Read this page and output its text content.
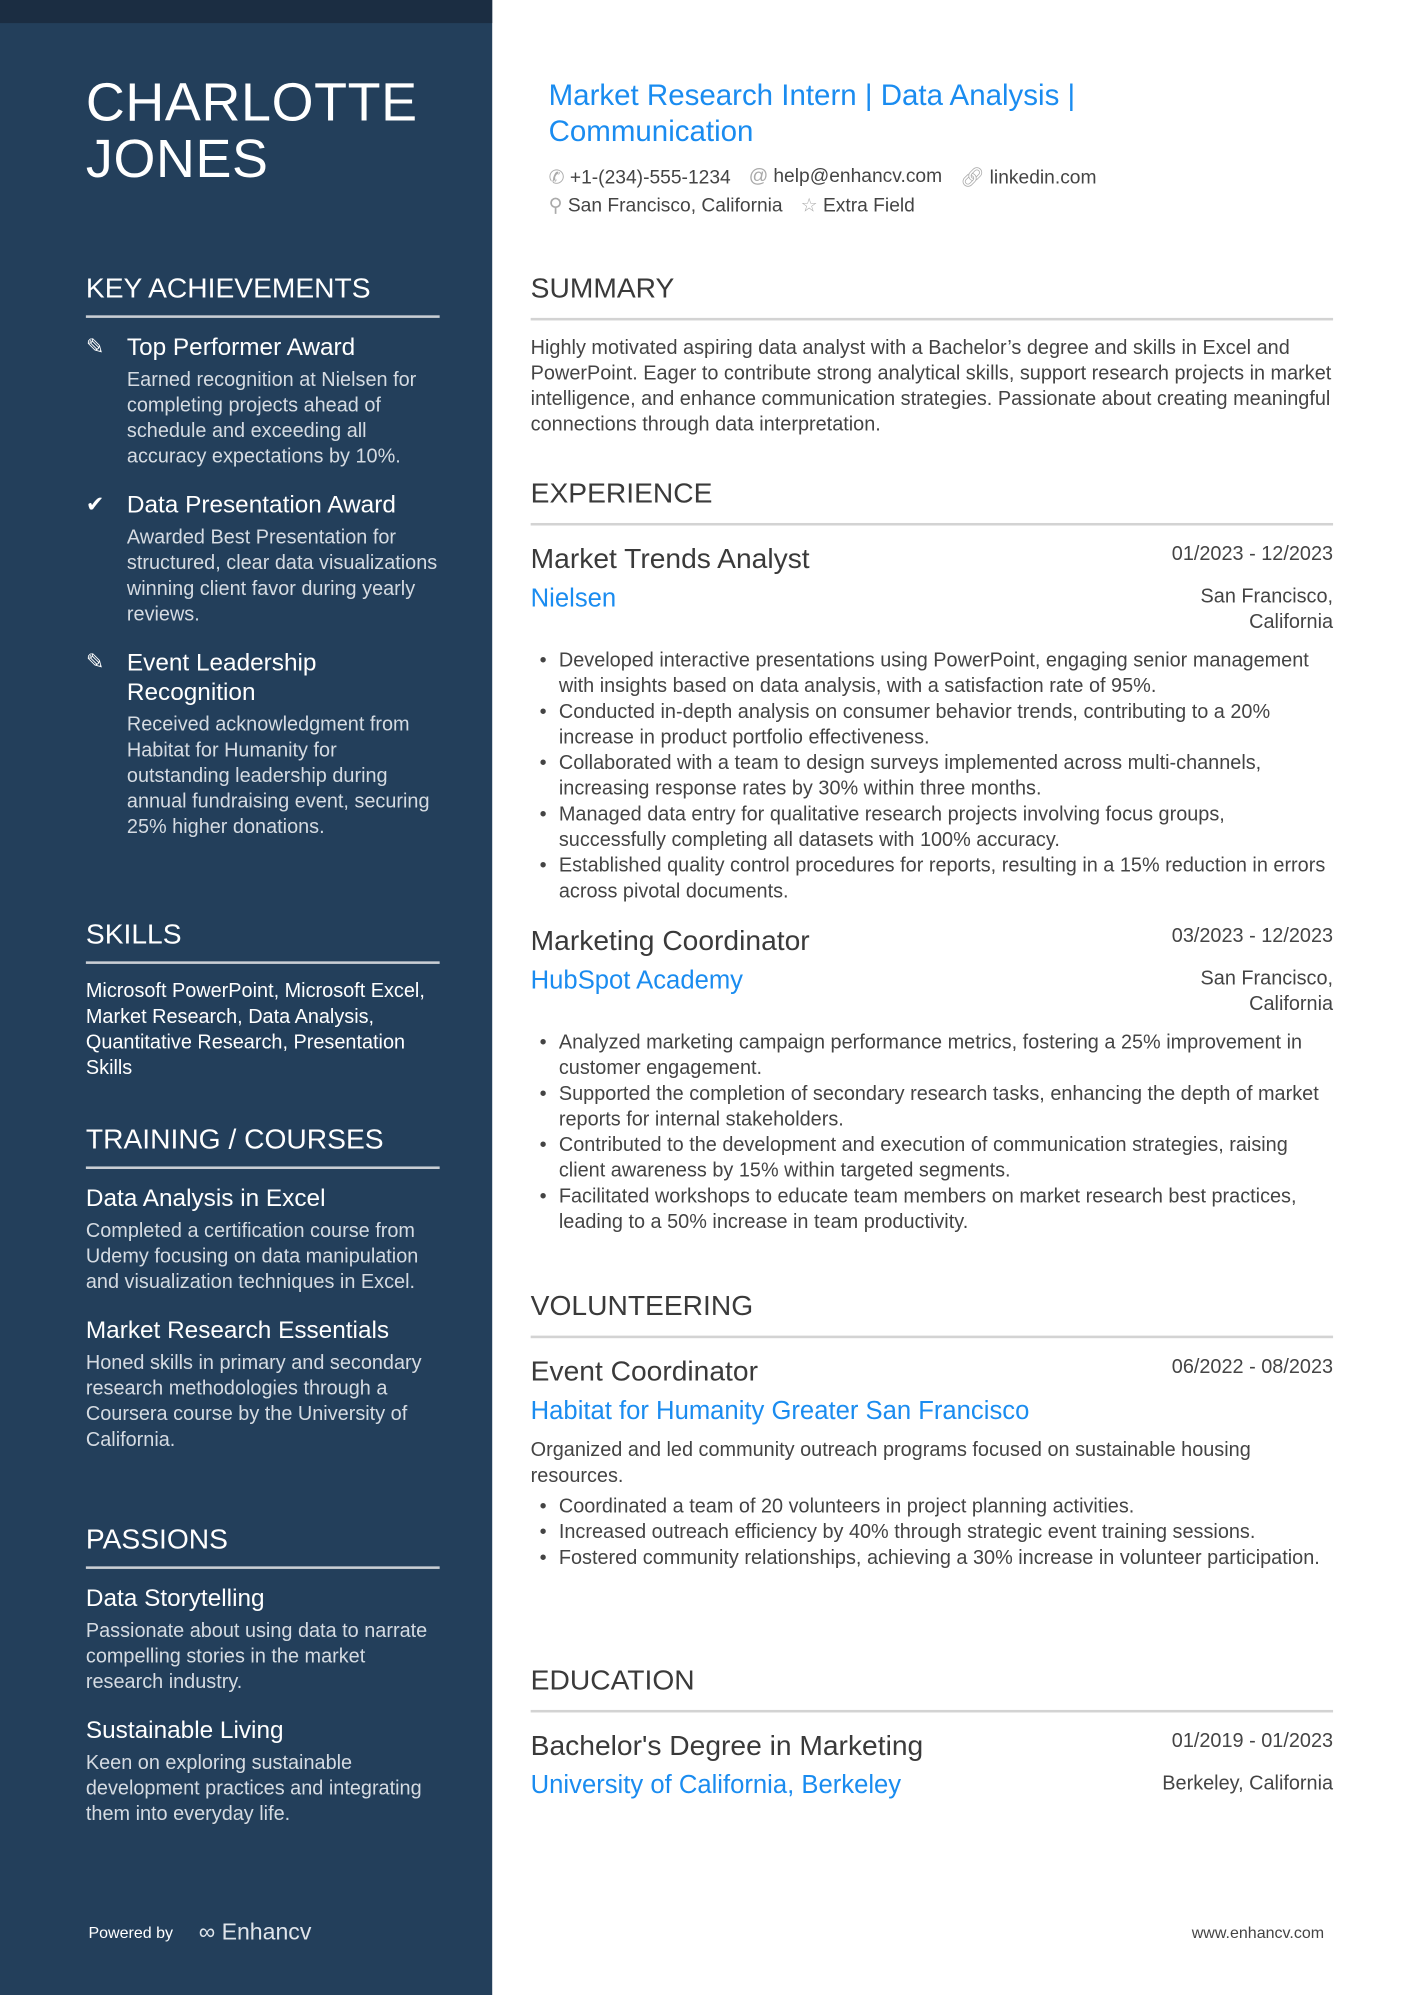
CHARLOTTE JONES
KEY ACHIEVEMENTS
✎ Top Performer Award
Earned recognition at Nielsen for completing projects ahead of schedule and exceeding all accuracy expectations by 10%.
✔ Data Presentation Award
Awarded Best Presentation for structured, clear data visualizations winning client favor during yearly reviews.
✎ Event Leadership Recognition
Received acknowledgment from Habitat for Humanity for outstanding leadership during annual fundraising event, securing 25% higher donations.
SKILLS
Microsoft PowerPoint, Microsoft Excel, Market Research, Data Analysis, Quantitative Research, Presentation Skills
TRAINING / COURSES
Data Analysis in Excel
Completed a certification course from Udemy focusing on data manipulation and visualization techniques in Excel.
Market Research Essentials
Honed skills in primary and secondary research methodologies through a Coursera course by the University of California.
PASSIONS
Data Storytelling
Passionate about using data to narrate compelling stories in the market research industry.
Sustainable Living
Keen on exploring sustainable development practices and integrating them into everyday life.
Powered by ∞ Enhancv
Market Research Intern | Data Analysis | Communication
✆ +1-(234)-555-1234 @ help@enhancv.com 🔗︎ linkedin.com
⚲ San Francisco, California ☆ Extra Field
SUMMARY
Highly motivated aspiring data analyst with a Bachelor’s degree and skills in Excel and PowerPoint. Eager to contribute strong analytical skills, support research projects in market intelligence, and enhance communication strategies. Passionate about creating meaningful connections through data interpretation.
EXPERIENCE
Market Trends Analyst
Nielsen
01/2023 - 12/2023
San Francisco, California
• Developed interactive presentations using PowerPoint, engaging senior management with insights based on data analysis, with a satisfaction rate of 95%.
• Conducted in-depth analysis on consumer behavior trends, contributing to a 20% increase in product portfolio effectiveness.
• Collaborated with a team to design surveys implemented across multi-channels, increasing response rates by 30% within three months.
• Managed data entry for qualitative research projects involving focus groups, successfully completing all datasets with 100% accuracy.
• Established quality control procedures for reports, resulting in a 15% reduction in errors across pivotal documents.
Marketing Coordinator
HubSpot Academy
03/2023 - 12/2023
San Francisco, California
• Analyzed marketing campaign performance metrics, fostering a 25% improvement in customer engagement.
• Supported the completion of secondary research tasks, enhancing the depth of market reports for internal stakeholders.
• Contributed to the development and execution of communication strategies, raising client awareness by 15% within targeted segments.
• Facilitated workshops to educate team members on market research best practices, leading to a 50% increase in team productivity.
VOLUNTEERING
Event Coordinator
Habitat for Humanity Greater San Francisco
06/2022 - 08/2023
Organized and led community outreach programs focused on sustainable housing resources.
• Coordinated a team of 20 volunteers in project planning activities.
• Increased outreach efficiency by 40% through strategic event training sessions.
• Fostered community relationships, achieving a 30% increase in volunteer participation.
EDUCATION
Bachelor's Degree in Marketing
University of California, Berkeley
01/2019 - 01/2023
Berkeley, California
www.enhancv.com
